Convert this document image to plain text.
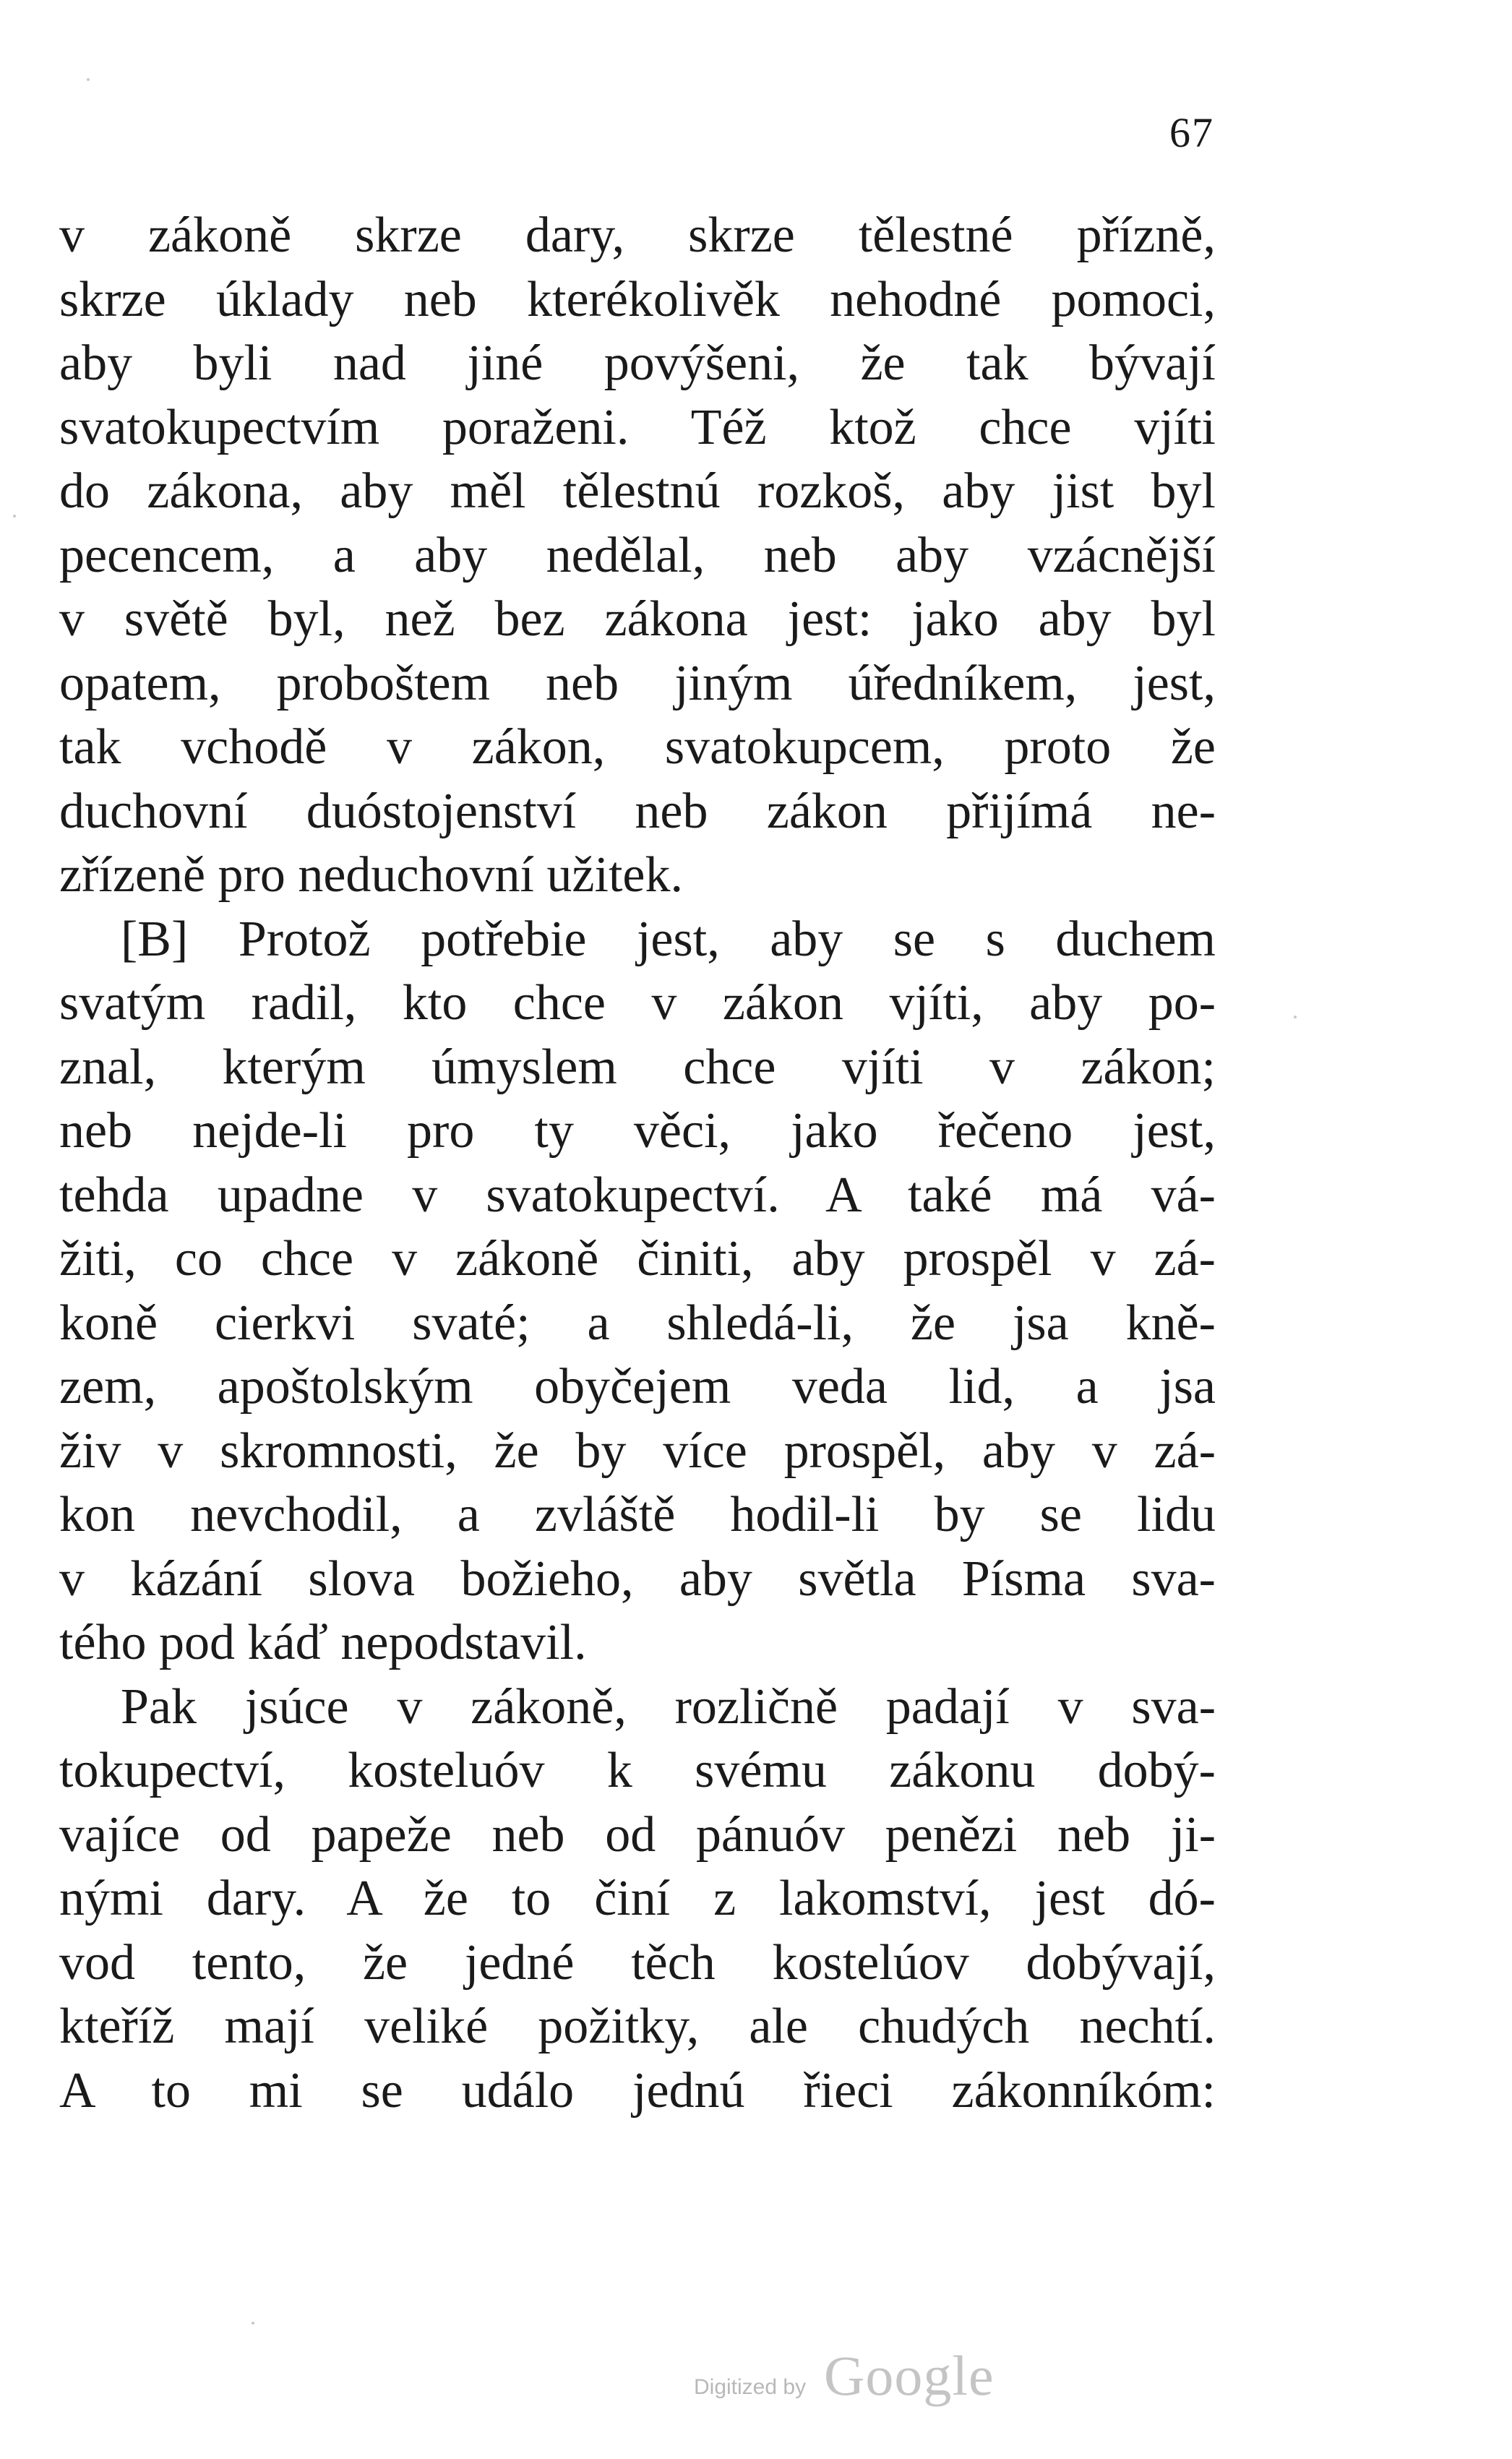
67
v zákoně skrze dary, skrze tělestné přízně,
skrze úklady neb kterékolivěk nehodné pomoci,
aby byli nad jiné povýšeni, že tak bývají
svatokupectvím poraženi. Též ktož chce vjíti
do zákona, aby měl tělestnú rozkoš, aby jist byl
pecencem, a aby nedělal, neb aby vzácnější
v světě byl, než bez zákona jest: jako aby byl
opatem, proboštem neb jiným úředníkem, jest,
tak vchodě v zákon, svatokupcem, proto že
duchovní duóstojenství neb zákon přijímá ne-
zřízeně pro neduchovní užitek.
[B] Protož potřebie jest, aby se s duchem
svatým radil, kto chce v zákon vjíti, aby po-
znal, kterým úmyslem chce vjíti v zákon;
neb nejde-li pro ty věci, jako řečeno jest,
tehda upadne v svatokupectví. A také má vá-
žiti, co chce v zákoně činiti, aby prospěl v zá-
koně cierkvi svaté; a shledá-li, že jsa kně-
zem, apoštolským obyčejem veda lid, a jsa
živ v skromnosti, že by více prospěl, aby v zá-
kon nevchodil, a zvláště hodil-li by se lidu
v kázání slova božieho, aby světla Písma sva-
tého pod káď nepodstavil.
Pak jsúce v zákoně, rozličně padají v sva-
tokupectví, kosteluóv k svému zákonu dobý-
vajíce od papeže neb od pánuóv penězi neb ji-
nými dary. A že to činí z lakomství, jest dó-
vod tento, že jedné těch kostelúov dobývají,
kteříž mají veliké požitky, ale chudých nechtí.
A to mi se událo jednú řieci zákonníkóm:
Digitized by Google
